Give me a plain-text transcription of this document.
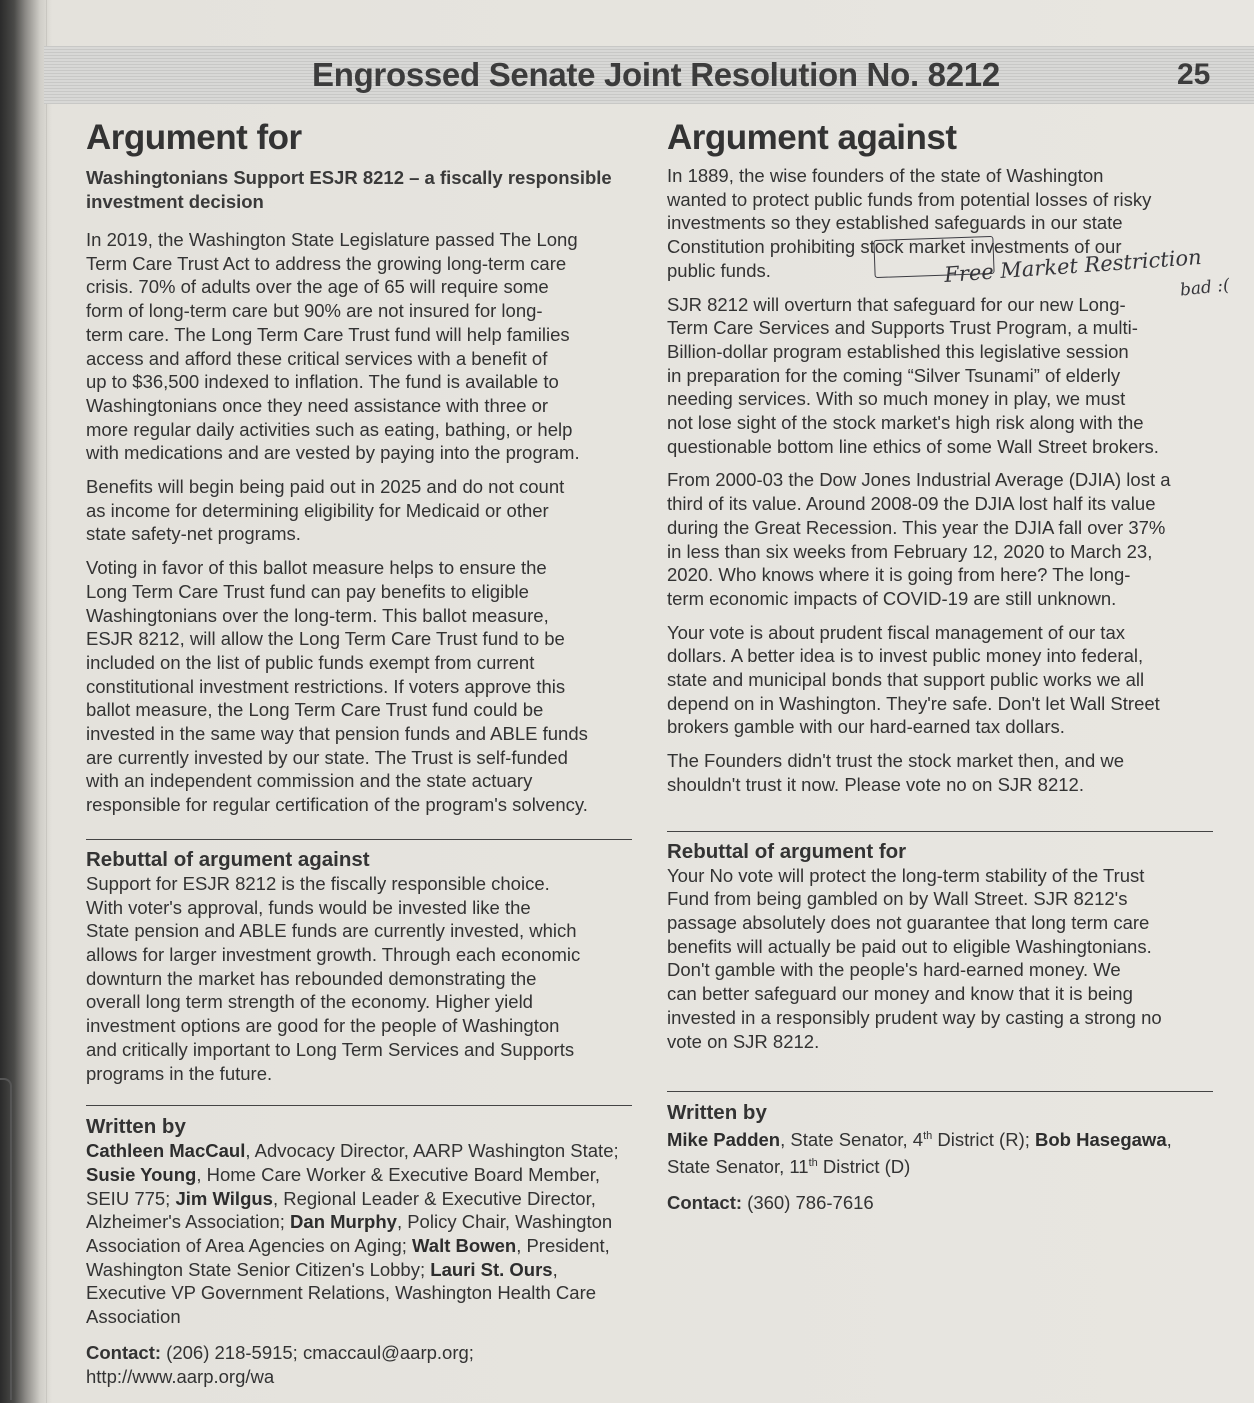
Engrossed Senate Joint Resolution No. 8212	25
Argument for
Washingtonians Support ESJR 8212 – a fiscally responsible investment decision

In 2019, the Washington State Legislature passed The Long
Term Care Trust Act to address the growing long-term care
crisis. 70% of adults over the age of 65 will require some
form of long-term care but 90% are not insured for long-
term care. The Long Term Care Trust fund will help families
access and afford these critical services with a benefit of
up to $36,500 indexed to inflation. The fund is available to
Washingtonians once they need assistance with three or
more regular daily activities such as eating, bathing, or help
with medications and are vested by paying into the program.

Benefits will begin being paid out in 2025 and do not count
as income for determining eligibility for Medicaid or other
state safety-net programs.

Voting in favor of this ballot measure helps to ensure the
Long Term Care Trust fund can pay benefits to eligible
Washingtonians over the long-term. This ballot measure,
ESJR 8212, will allow the Long Term Care Trust fund to be
included on the list of public funds exempt from current
constitutional investment restrictions. If voters approve this
ballot measure, the Long Term Care Trust fund could be
invested in the same way that pension funds and ABLE funds
are currently invested by our state. The Trust is self-funded
with an independent commission and the state actuary
responsible for regular certification of the program's solvency.

Rebuttal of argument against

Support for ESJR 8212 is the fiscally responsible choice.
With voter's approval, funds would be invested like the
State pension and ABLE funds are currently invested, which
allows for larger investment growth. Through each economic
downturn the market has rebounded demonstrating the
overall long term strength of the economy. Higher yield
investment options are good for the people of Washington
and critically important to Long Term Services and Supports
programs in the future.

Written by

Cathleen MacCaul, Advocacy Director, AARP Washington State; Susie Young, Home Care Worker & Executive Board Member, SEIU 775; Jim Wilgus, Regional Leader & Executive Director, Alzheimer's Association; Dan Murphy, Policy Chair, Washington Association of Area Agencies on Aging; Walt Bowen, President, Washington State Senior Citizen's Lobby; Lauri St. Ours, Executive VP Government Relations, Washington Health Care Association

Contact: (206) 218-5915; cmaccaul@aarp.org;
http://www.aarp.org/wa

Argument against

In 1889, the wise founders of the state of Washington
wanted to protect public funds from potential losses of risky
investments so they established safeguards in our state
Constitution prohibiting stock market investments of our
public funds.

SJR 8212 will overturn that safeguard for our new Long-
Term Care Services and Supports Trust Program, a multi-
Billion-dollar program established this legislative session
in preparation for the coming “Silver Tsunami” of elderly
needing services. With so much money in play, we must
not lose sight of the stock market's high risk along with the
questionable bottom line ethics of some Wall Street brokers.

From 2000-03 the Dow Jones Industrial Average (DJIA) lost a
third of its value. Around 2008-09 the DJIA lost half its value
during the Great Recession. This year the DJIA fall over 37%
in less than six weeks from February 12, 2020 to March 23,
2020. Who knows where it is going from here? The long-
term economic impacts of COVID-19 are still unknown.

Your vote is about prudent fiscal management of our tax
dollars. A better idea is to invest public money into federal,
state and municipal bonds that support public works we all
depend on in Washington. They're safe. Don't let Wall Street
brokers gamble with our hard-earned tax dollars.

The Founders didn't trust the stock market then, and we
shouldn't trust it now. Please vote no on SJR 8212.

Rebuttal of argument for

Your No vote will protect the long-term stability of the Trust
Fund from being gambled on by Wall Street. SJR 8212's
passage absolutely does not guarantee that long term care
benefits will actually be paid out to eligible Washingtonians.
Don't gamble with the people's hard-earned money. We
can better safeguard our money and know that it is being
invested in a responsibly prudent way by casting a strong no
vote on SJR 8212.

Written by

Mike Padden, State Senator, 4th District (R); Bob Hasegawa, State Senator, 11th District (D)

Contact: (360) 786-7616

Free Market Restriction
bad :(
